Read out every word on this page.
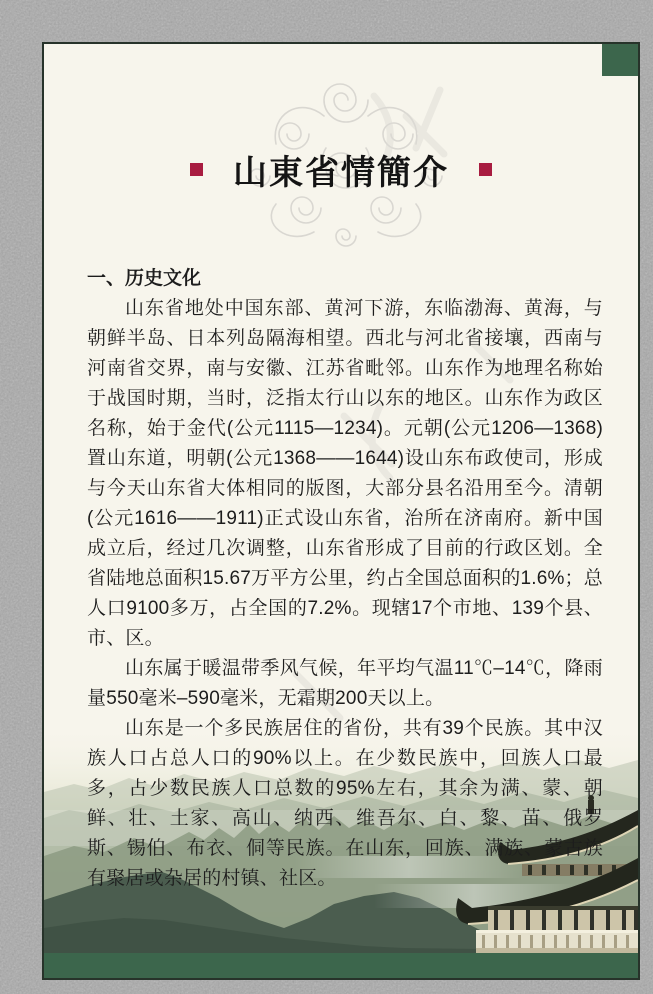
山東省情簡介
一、历史文化

山东省地处中国东部、黄河下游，东临渤海、黄海，与朝鲜半岛、日本列岛隔海相望。西北与河北省接壤，西南与河南省交界，南与安徽、江苏省毗邻。山东作为地理名称始于战国时期，当时，泛指太行山以东的地区。山东作为政区名称，始于金代(公元1115—1234)。元朝(公元1206—1368)置山东道，明朝(公元1368——1644)设山东布政使司，形成与今天山东省大体相同的版图，大部分县名沿用至今。清朝(公元1616——1911)正式设山东省，治所在济南府。新中国成立后，经过几次调整，山东省形成了目前的行政区划。全省陆地总面积15.67万平方公里，约占全国总面积的1.6%；总人口9100多万，占全国的7.2%。现辖17个市地、139个县、市、区。

山东属于暖温带季风气候，年平均气温11℃–14℃，降雨量550毫米–590毫米，无霜期200天以上。

山东是一个多民族居住的省份，共有39个民族。其中汉族人口占总人口的90%以上。在少数民族中，回族人口最多，占少数民族人口总数的95%左右，其余为满、蒙、朝鲜、壮、土家、高山、纳西、维吾尔、白、黎、苗、俄罗斯、锡伯、布衣、侗等民族。在山东，回族、满族、蒙古族有聚居或杂居的村镇、社区。
